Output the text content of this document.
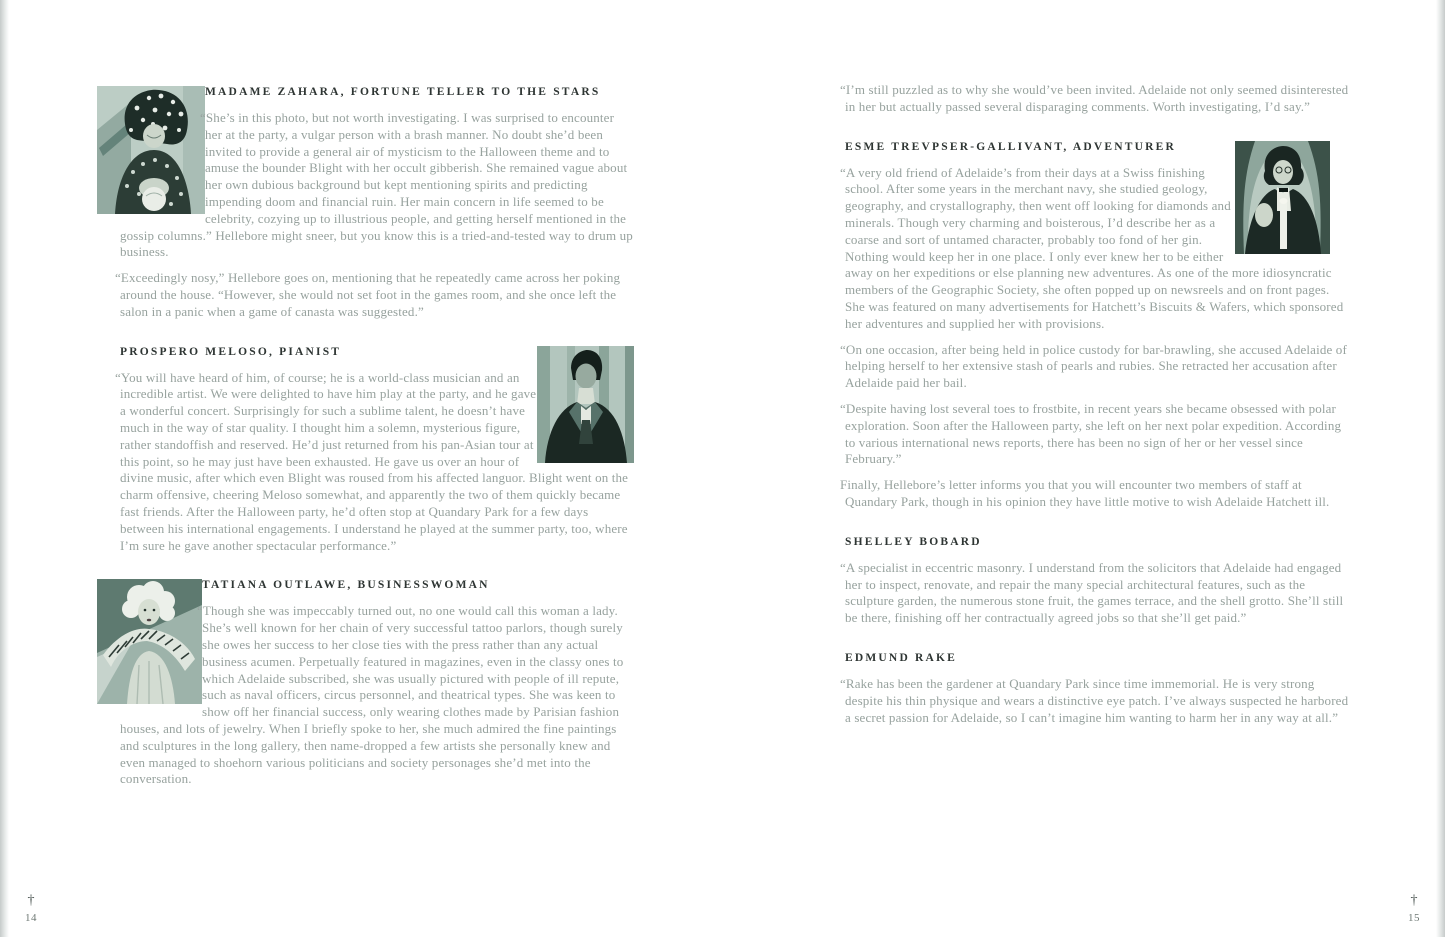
MADAME ZAHARA, FORTUNE TELLER TO THE STARS

“She’s in this photo, but not worth investigating. I was surprised to encounter her at the party, a vulgar person with a brash manner. No doubt she’d been invited to provide a general air of mysticism to the Halloween theme and to amuse the bounder Blight with her occult gibberish. She remained vague about her own dubious background but kept mentioning spirits and predicting impending doom and financial ruin. Her main concern in life seemed to be celebrity, cozying up to illustrious people, and getting herself mentioned in the gossip columns.” Hellebore might sneer, but you know this is a tried-and-tested way to drum up business.

“Exceedingly nosy,” Hellebore goes on, mentioning that he repeatedly came across her poking around the house. “However, she would not set foot in the games room, and she once left the salon in a panic when a game of canasta was suggested.”

PROSPERO MELOSO, PIANIST

“You will have heard of him, of course; he is a world-class musician and an incredible artist. We were delighted to have him play at the party, and he gave a wonderful concert. Surprisingly for such a sublime talent, he doesn’t have much in the way of star quality. I thought him a solemn, mysterious figure, rather standoffish and reserved. He’d just returned from his pan-Asian tour at this point, so he may just have been exhausted. He gave us over an hour of divine music, after which even Blight was roused from his affected languor. Blight went on the charm offensive, cheering Meloso somewhat, and apparently the two of them quickly became fast friends. After the Halloween party, he’d often stop at Quandary Park for a few days between his international engagements. I understand he played at the summer party, too, where I’m sure he gave another spectacular performance.”

TATIANA OUTLAWE, BUSINESSWOMAN

“Though she was impeccably turned out, no one would call this woman a lady. She’s well known for her chain of very successful tattoo parlors, though surely she owes her success to her close ties with the press rather than any actual business acumen. Perpetually featured in magazines, even in the classy ones to which Adelaide subscribed, she was usually pictured with people of ill repute, such as naval officers, circus personnel, and theatrical types. She was keen to show off her financial success, only wearing clothes made by Parisian fashion houses, and lots of jewelry. When I briefly spoke to her, she much admired the fine paintings and sculptures in the long gallery, then name-dropped a few artists she personally knew and even managed to shoehorn various politicians and society personages she’d met into the conversation.

“I’m still puzzled as to why she would’ve been invited. Adelaide not only seemed disinterested in her but actually passed several disparaging comments. Worth investigating, I’d say.”

ESME TREVPSER-GALLIVANT, ADVENTURER

“A very old friend of Adelaide’s from their days at a Swiss finishing school. After some years in the merchant navy, she studied geology, geography, and crystallography, then went off looking for diamonds and minerals. Though very charming and boisterous, I’d describe her as a coarse and sort of untamed character, probably too fond of her gin. Nothing would keep her in one place. I only ever knew her to be either away on her expeditions or else planning new adventures. As one of the more idiosyncratic members of the Geographic Society, she often popped up on newsreels and on front pages. She was featured on many advertisements for Hatchett’s Biscuits & Wafers, which sponsored her adventures and supplied her with provisions.

“On one occasion, after being held in police custody for bar-brawling, she accused Adelaide of helping herself to her extensive stash of pearls and rubies. She retracted her accusation after Adelaide paid her bail.

“Despite having lost several toes to frostbite, in recent years she became obsessed with polar exploration. Soon after the Halloween party, she left on her next polar expedition. According to various international news reports, there has been no sign of her or her vessel since February.”

Finally, Hellebore’s letter informs you that you will encounter two members of staff at Quandary Park, though in his opinion they have little motive to wish Adelaide Hatchett ill.

SHELLEY BOBARD

“A specialist in eccentric masonry. I understand from the solicitors that Adelaide had engaged her to inspect, renovate, and repair the many special architectural features, such as the sculpture garden, the numerous stone fruit, the games terrace, and the shell grotto. She’ll still be there, finishing off her contractually agreed jobs so that she’ll get paid.”

EDMUND RAKE

“Rake has been the gardener at Quandary Park since time immemorial. He is very strong despite his thin physique and wears a distinctive eye patch. I’ve always suspected he harbored a secret passion for Adelaide, so I can’t imagine him wanting to harm her in any way at all.”

†
14
†
15
